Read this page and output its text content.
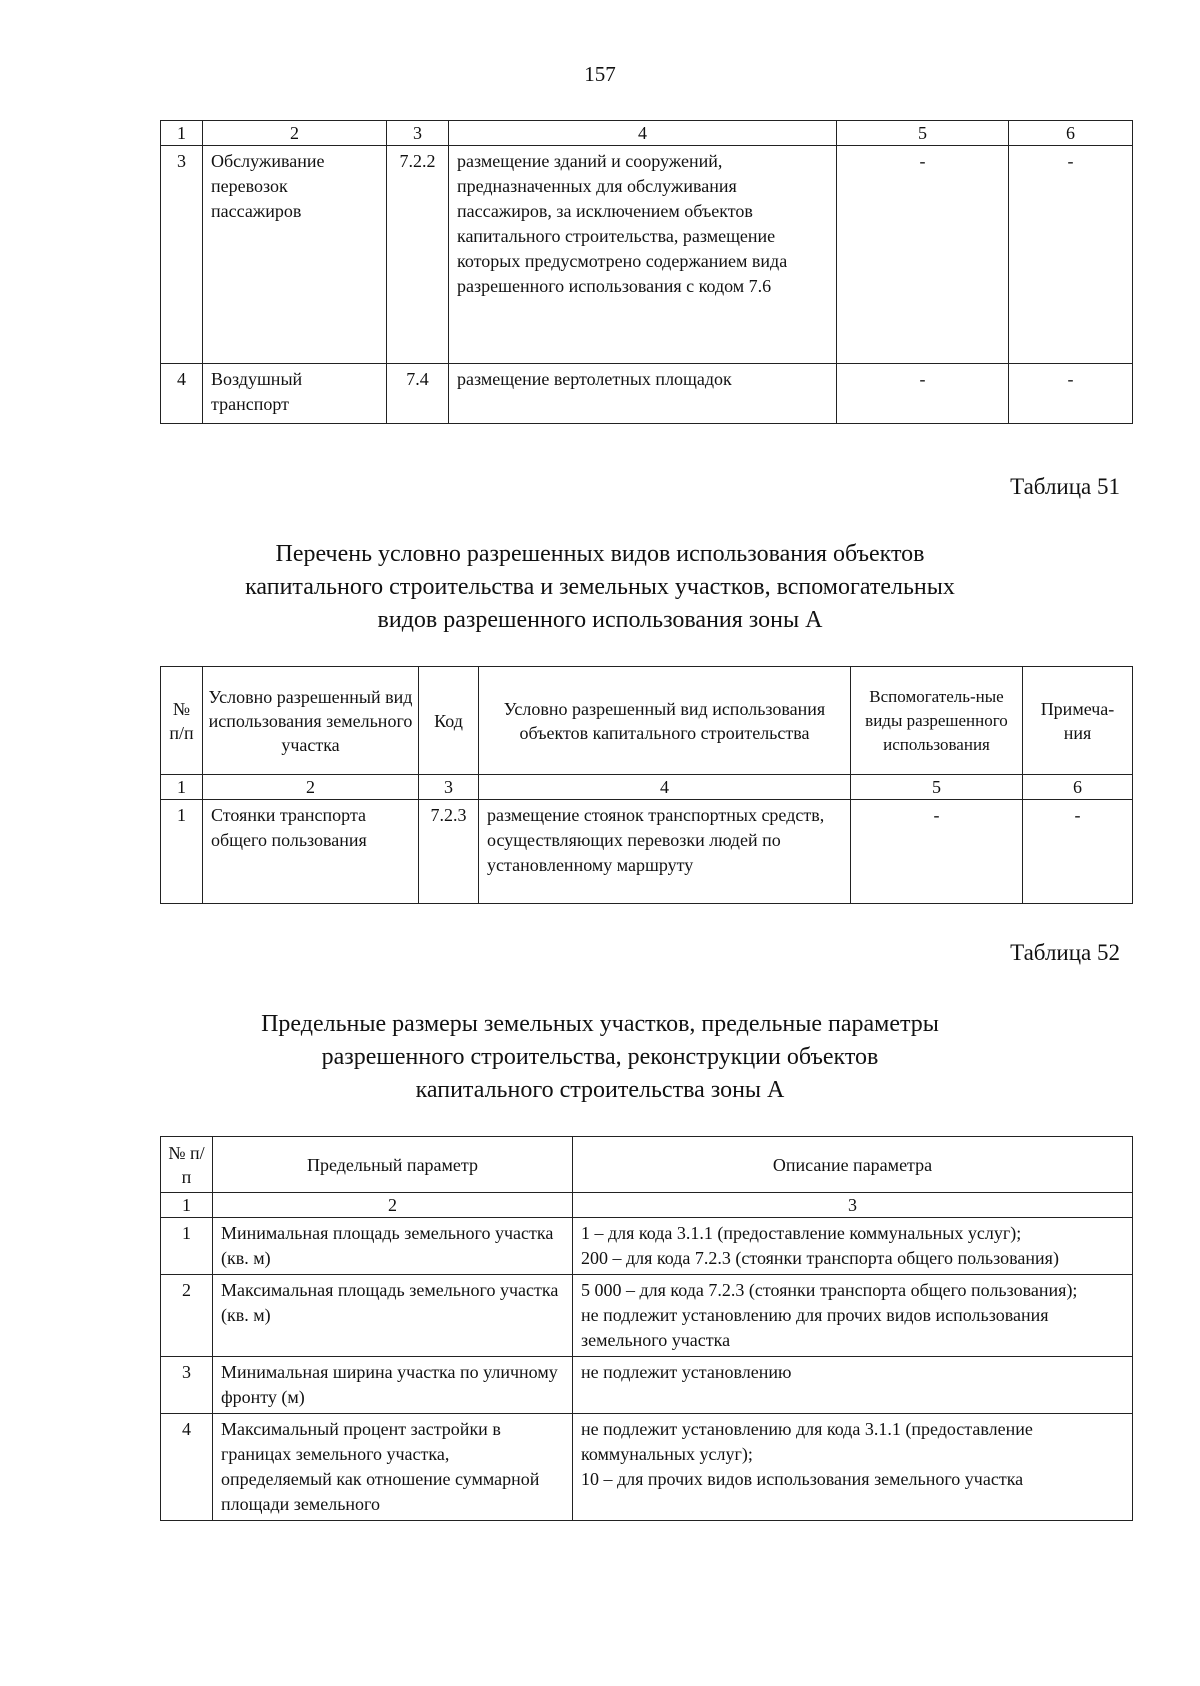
157
1	2	3	4	5	6
3	Обслуживание перевозок пассажиров	7.2.2	размещение зданий и сооружений, предназначенных для обслуживания пассажиров, за исключением объектов капитального строительства, размещение которых предусмотрено содержанием вида разрешенного использования с кодом 7.6	-	-
4	Воздушный транспорт	7.4	размещение вертолетных площадок	-	-
Таблица 51
Перечень условно разрешенных видов использования объектов
капитального строительства и земельных участков, вспомогательных
видов разрешенного использования зоны А
№ п/п	Условно разрешенный вид использования земельного участка	Код	Условно разрешенный вид использования объектов капитального строительства	Вспомогатель-ные виды разрешенного использования	Примеча-ния
1	2	3	4	5	6
1	Стоянки транспорта общего пользования	7.2.3	размещение стоянок транспортных средств, осуществляющих перевозки людей по установленному маршруту	-	-
Таблица 52
Предельные размеры земельных участков, предельные параметры
разрешенного строительства, реконструкции объектов
капитального строительства зоны А
№ п/п	Предельный параметр	Описание параметра
1	2	3
1	Минимальная площадь земельного участка (кв. м)	1 – для кода 3.1.1 (предоставление коммунальных услуг);
200 – для кода 7.2.3 (стоянки транспорта общего пользования)

2	Максимальная площадь земельного участка (кв. м)	5 000 – для кода 7.2.3 (стоянки транспорта общего пользования);
не подлежит установлению для прочих видов использования земельного участка

3	Минимальная ширина участка по уличному фронту (м)	не подлежит установлению

4	Максимальный процент застройки в границах земельного участка, определяемый как отношение суммарной площади земельного	не подлежит установлению для кода 3.1.1 (предоставление коммунальных услуг);
10 – для прочих видов использования земельного участка
